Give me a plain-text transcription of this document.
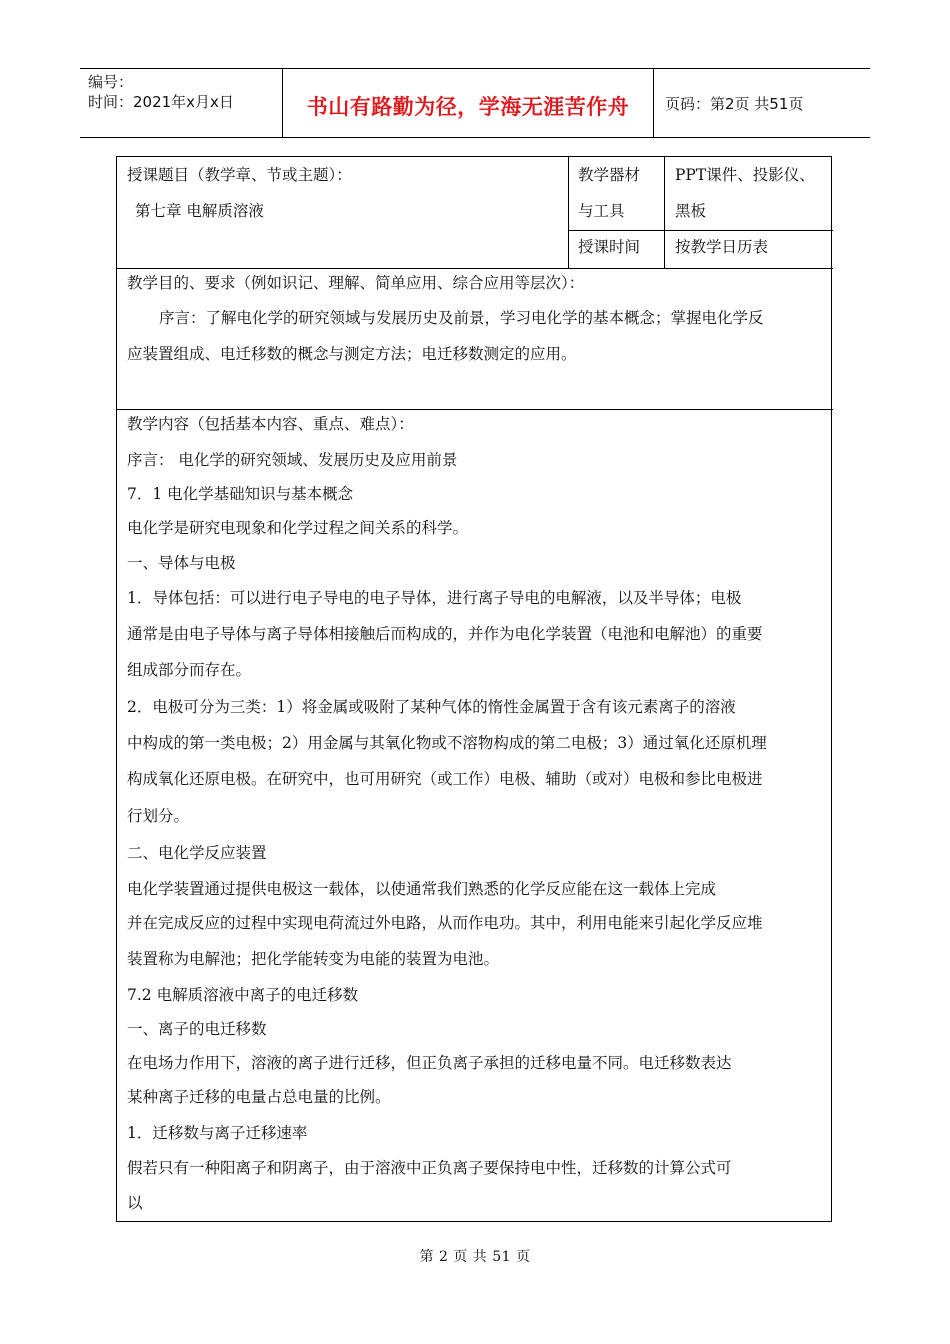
编号：
时间：2021年x月x日	书山有路勤为径，学海无涯苦作舟	页码：第2页 共51页
授课题目（教学章、节或主题）：
第七章 电解质溶液
教学器材
与工具
PPT课件、投影仪、
黑板
授课时间 按教学日历表
教学目的、要求（例如识记、理解、简单应用、综合应用等层次）：
序言：了解电化学的研究领域与发展历史及前景，学习电化学的基本概念；掌握电化学反
应装置组成、电迁移数的概念与测定方法；电迁移数测定的应用。
教学内容（包括基本内容、重点、难点）：
序言： 电化学的研究领域、发展历史及应用前景
7．1 电化学基础知识与基本概念
电化学是研究电现象和化学过程之间关系的科学。
一、导体与电极
1．导体包括：可以进行电子导电的电子导体，进行离子导电的电解液，以及半导体；电极
通常是由电子导体与离子导体相接触后而构成的，并作为电化学装置（电池和电解池）的重要
组成部分而存在。
2．电极可分为三类：1）将金属或吸附了某种气体的惰性金属置于含有该元素离子的溶液
中构成的第一类电极；2）用金属与其氧化物或不溶物构成的第二电极；3）通过氧化还原机理
构成氧化还原电极。在研究中，也可用研究（或工作）电极、辅助（或对）电极和参比电极进
行划分。
二、电化学反应装置
电化学装置通过提供电极这一载体，以使通常我们熟悉的化学反应能在这一载体上完成
并在完成反应的过程中实现电荷流过外电路，从而作电功。其中，利用电能来引起化学反应堆
装置称为电解池；把化学能转变为电能的装置为电池。
7.2 电解质溶液中离子的电迁移数
一、离子的电迁移数
在电场力作用下，溶液的离子进行迁移，但正负离子承担的迁移电量不同。电迁移数表达
某种离子迁移的电量占总电量的比例。
1．迁移数与离子迁移速率
假若只有一种阳离子和阴离子，由于溶液中正负离子要保持电中性，迁移数的计算公式可
以
第 2 页 共 51 页
